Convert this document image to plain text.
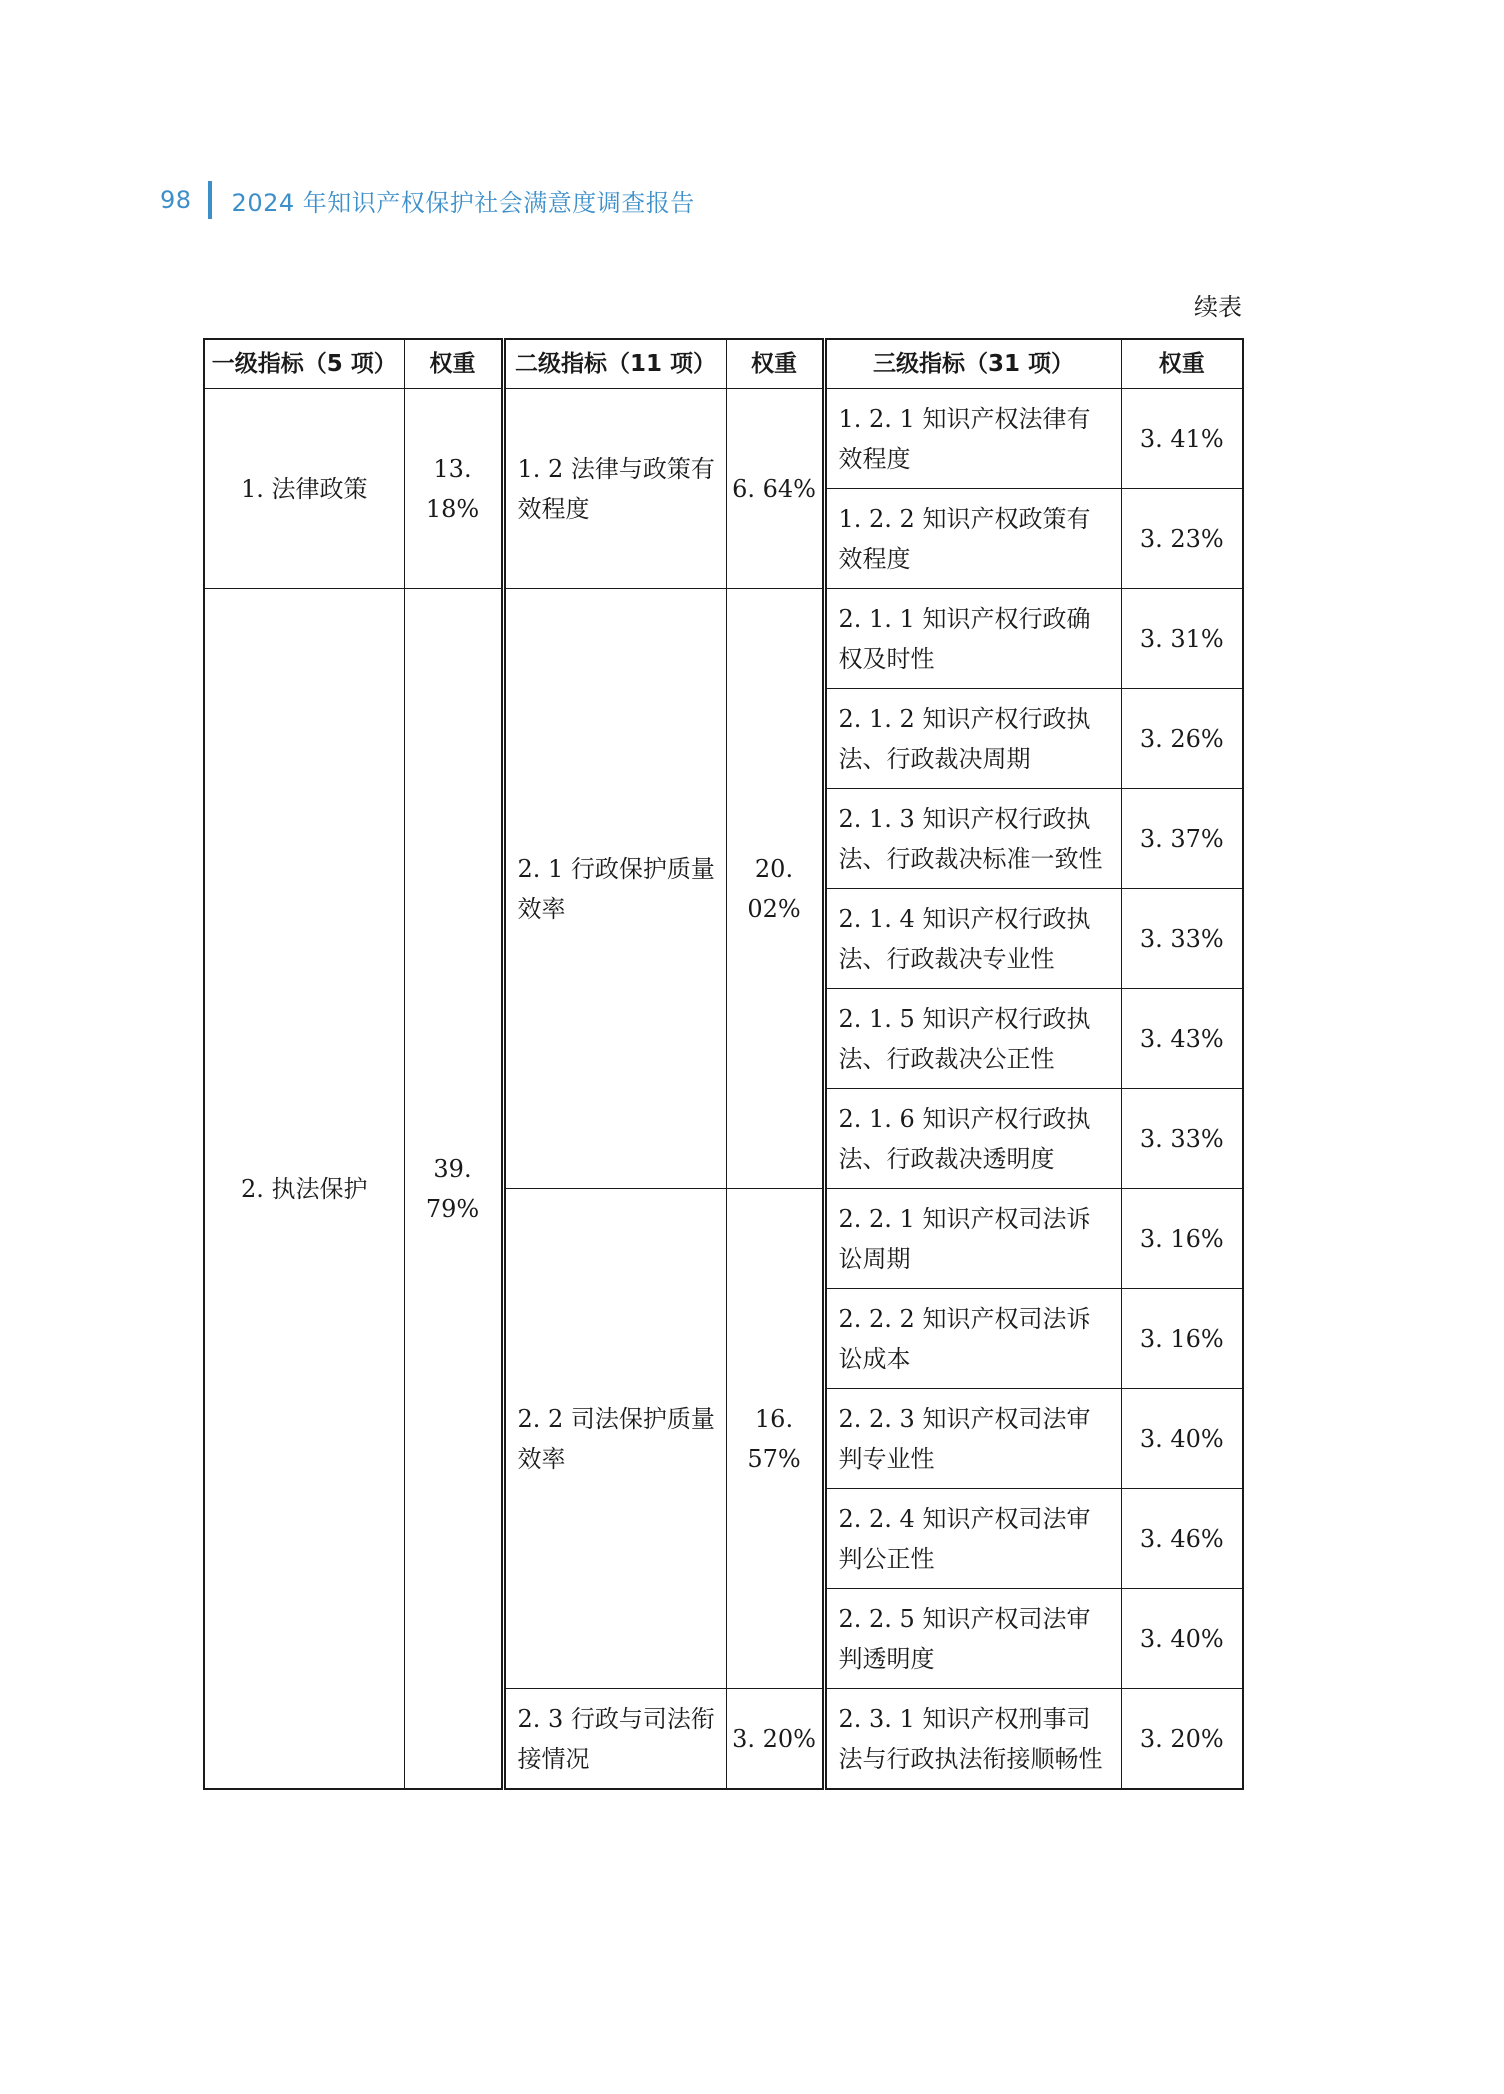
98 2024 年知识产权保护社会满意度调查报告
续表
一级指标（5 项）	权重	二级指标（11 项）	权重	三级指标（31 项）	权重
1. 法律政策	13. 18%	1. 2 法律与政策有效程度	6. 64%	1. 2. 1 知识产权法律有效程度	3. 41%
				1. 2. 2 知识产权政策有效程度	3. 23%
2. 执法保护	39. 79%	2. 1 行政保护质量效率	20. 02%	2. 1. 1 知识产权行政确权及时性	3. 31%
				2. 1. 2 知识产权行政执法、行政裁决周期	3. 26%
				2. 1. 3 知识产权行政执法、行政裁决标准一致性	3. 37%
				2. 1. 4 知识产权行政执法、行政裁决专业性	3. 33%
				2. 1. 5 知识产权行政执法、行政裁决公正性	3. 43%
				2. 1. 6 知识产权行政执法、行政裁决透明度	3. 33%
		2. 2 司法保护质量效率	16. 57%	2. 2. 1 知识产权司法诉讼周期	3. 16%
				2. 2. 2 知识产权司法诉讼成本	3. 16%
				2. 2. 3 知识产权司法审判专业性	3. 40%
				2. 2. 4 知识产权司法审判公正性	3. 46%
				2. 2. 5 知识产权司法审判透明度	3. 40%
		2. 3 行政与司法衔接情况	3. 20%	2. 3. 1 知识产权刑事司法与行政执法衔接顺畅性	3. 20%
